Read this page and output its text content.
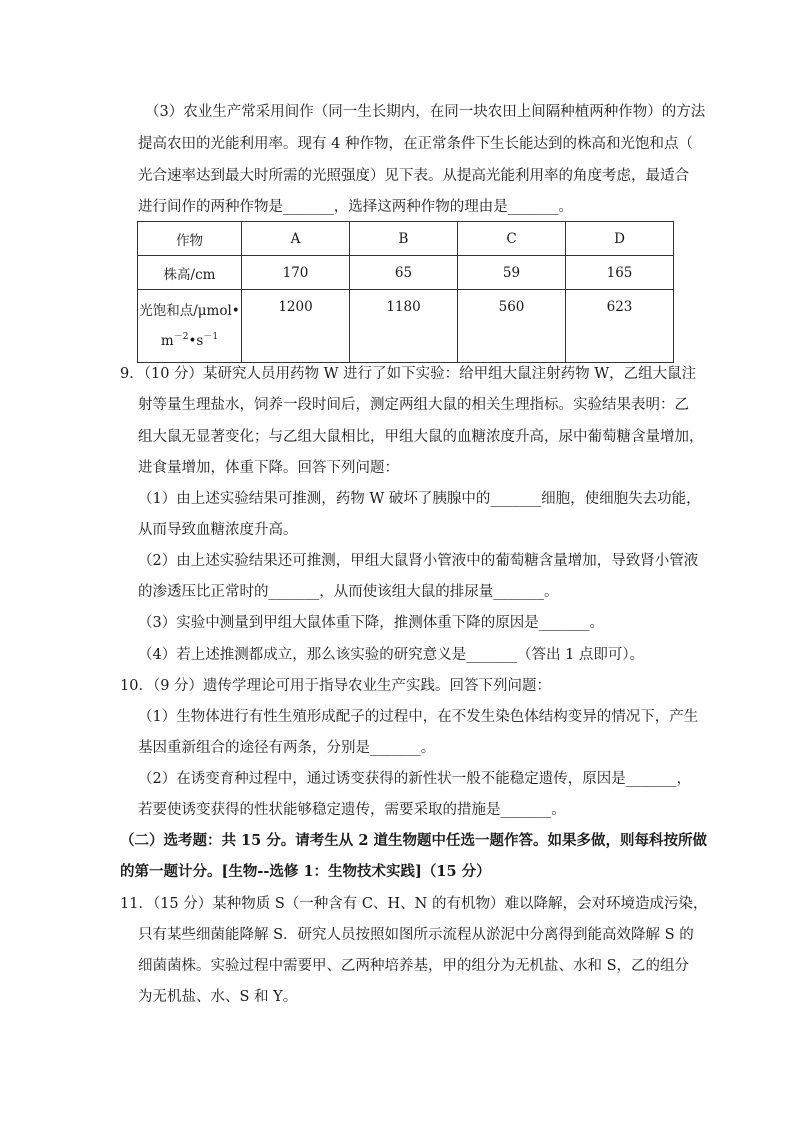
（3）农业生产常采用间作（同一生长期内，在同一块农田上间隔种植两种作物）的方法
提高农田的光能利用率。现有 4 种作物，在正常条件下生长能达到的株高和光饱和点（
光合速率达到最大时所需的光照强度）见下表。从提高光能利用率的角度考虑，最适合
进行间作的两种作物是_______，选择这两种作物的理由是_______。
作物	A	B	C	D
株高/cm	170	65	59	165

光饱和点/μmol•
$m^{-2}•s^{-1}$	1200	1180	560	623
9．（10 分）某研究人员用药物 W 进行了如下实验：给甲组大鼠注射药物 W，乙组大鼠注
射等量生理盐水，饲养一段时间后，测定两组大鼠的相关生理指标。实验结果表明：乙
组大鼠无显著变化；与乙组大鼠相比，甲组大鼠的血糖浓度升高，尿中葡萄糖含量增加，
进食量增加，体重下降。回答下列问题：
（1）由上述实验结果可推测，药物 W 破坏了胰腺中的_______细胞，使细胞失去功能，
从而导致血糖浓度升高。
（2）由上述实验结果还可推测，甲组大鼠肾小管液中的葡萄糖含量增加，导致肾小管液
的渗透压比正常时的_______，从而使该组大鼠的排尿量_______。
（3）实验中测量到甲组大鼠体重下降，推测体重下降的原因是_______。
（4）若上述推测都成立，那么该实验的研究意义是_______（答出 1 点即可）。
10．（9 分）遗传学理论可用于指导农业生产实践。回答下列问题：
（1）生物体进行有性生殖形成配子的过程中，在不发生染色体结构变异的情况下，产生
基因重新组合的途径有两条，分别是_______。
（2）在诱变育种过程中，通过诱变获得的新性状一般不能稳定遗传，原因是_______，
若要使诱变获得的性状能够稳定遗传，需要采取的措施是_______。
（二）选考题：共 15 分。请考生从 2 道生物题中任选一题作答。如果多做，则每科按所做
的第一题计分。[生物--选修 1：生物技术实践]（15 分）
11．（15 分）某种物质 S（一种含有 C、H、N 的有机物）难以降解，会对环境造成污染，
只有某些细菌能降解 S．研究人员按照如图所示流程从淤泥中分离得到能高效降解 S 的
细菌菌株。实验过程中需要甲、乙两种培养基，甲的组分为无机盐、水和 S，乙的组分
为无机盐、水、S 和 Y。
